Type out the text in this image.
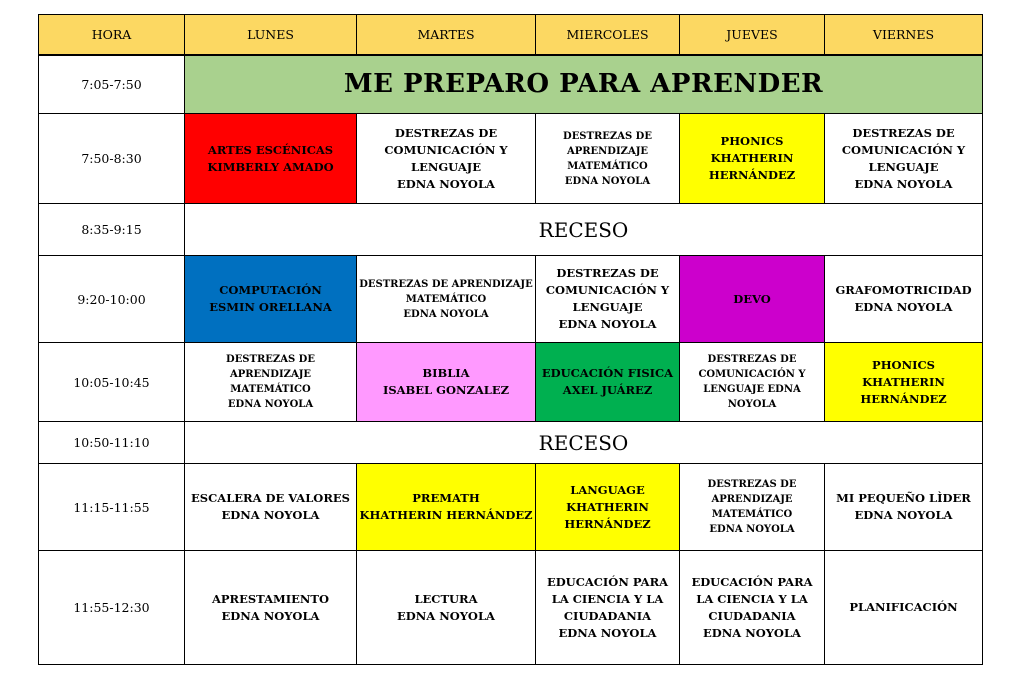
HORA	LUNES	MARTES	MIERCOLES	JUEVES	VIERNES
7:05-7:50	ME PREPARO PARA APRENDER				
7:50-8:30	ARTES ESCÉNICAS
KIMBERLY AMADO	DESTREZAS DE
COMUNICACIÓN Y
LENGUAJE
EDNA NOYOLA	DESTREZAS DE
APRENDIZAJE
MATEMÁTICO
EDNA NOYOLA	PHONICS
KHATHERIN
HERNÁNDEZ	DESTREZAS DE
COMUNICACIÓN Y
LENGUAJE
EDNA NOYOLA

8:35-9:15	RECESO				
9:20-10:00	COMPUTACIÓN
ESMIN ORELLANA	DESTREZAS DE APRENDIZAJE
MATEMÁTICO
EDNA NOYOLA	DESTREZAS DE
COMUNICACIÓN Y
LENGUAJE
EDNA NOYOLA	DEVO	GRAFOMOTRICIDAD
EDNA NOYOLA

10:05-10:45	DESTREZAS DE APRENDIZAJE
MATEMÁTICO
EDNA NOYOLA	BIBLIA
ISABEL GONZALEZ	EDUCACIÓN FISICA
AXEL JUÁREZ	DESTREZAS DE
COMUNICACIÓN Y
LENGUAJE EDNA
NOYOLA	PHONICS
KHATHERIN
HERNÁNDEZ

10:50-11:10	RECESO				
11:15-11:55	ESCALERA DE VALORES
EDNA NOYOLA	PREMATH
KHATHERIN HERNÁNDEZ	LANGUAGE
KHATHERIN
HERNÁNDEZ	DESTREZAS DE
APRENDIZAJE
MATEMÁTICO
EDNA NOYOLA	MI PEQUEÑO LÌDER
EDNA NOYOLA

11:55-12:30	APRESTAMIENTO
EDNA NOYOLA	LECTURA
EDNA NOYOLA	EDUCACIÓN PARA
LA CIENCIA Y LA
CIUDADANIA
EDNA NOYOLA	EDUCACIÓN PARA
LA CIENCIA Y LA
CIUDADANIA
EDNA NOYOLA	PLANIFICACIÓN
